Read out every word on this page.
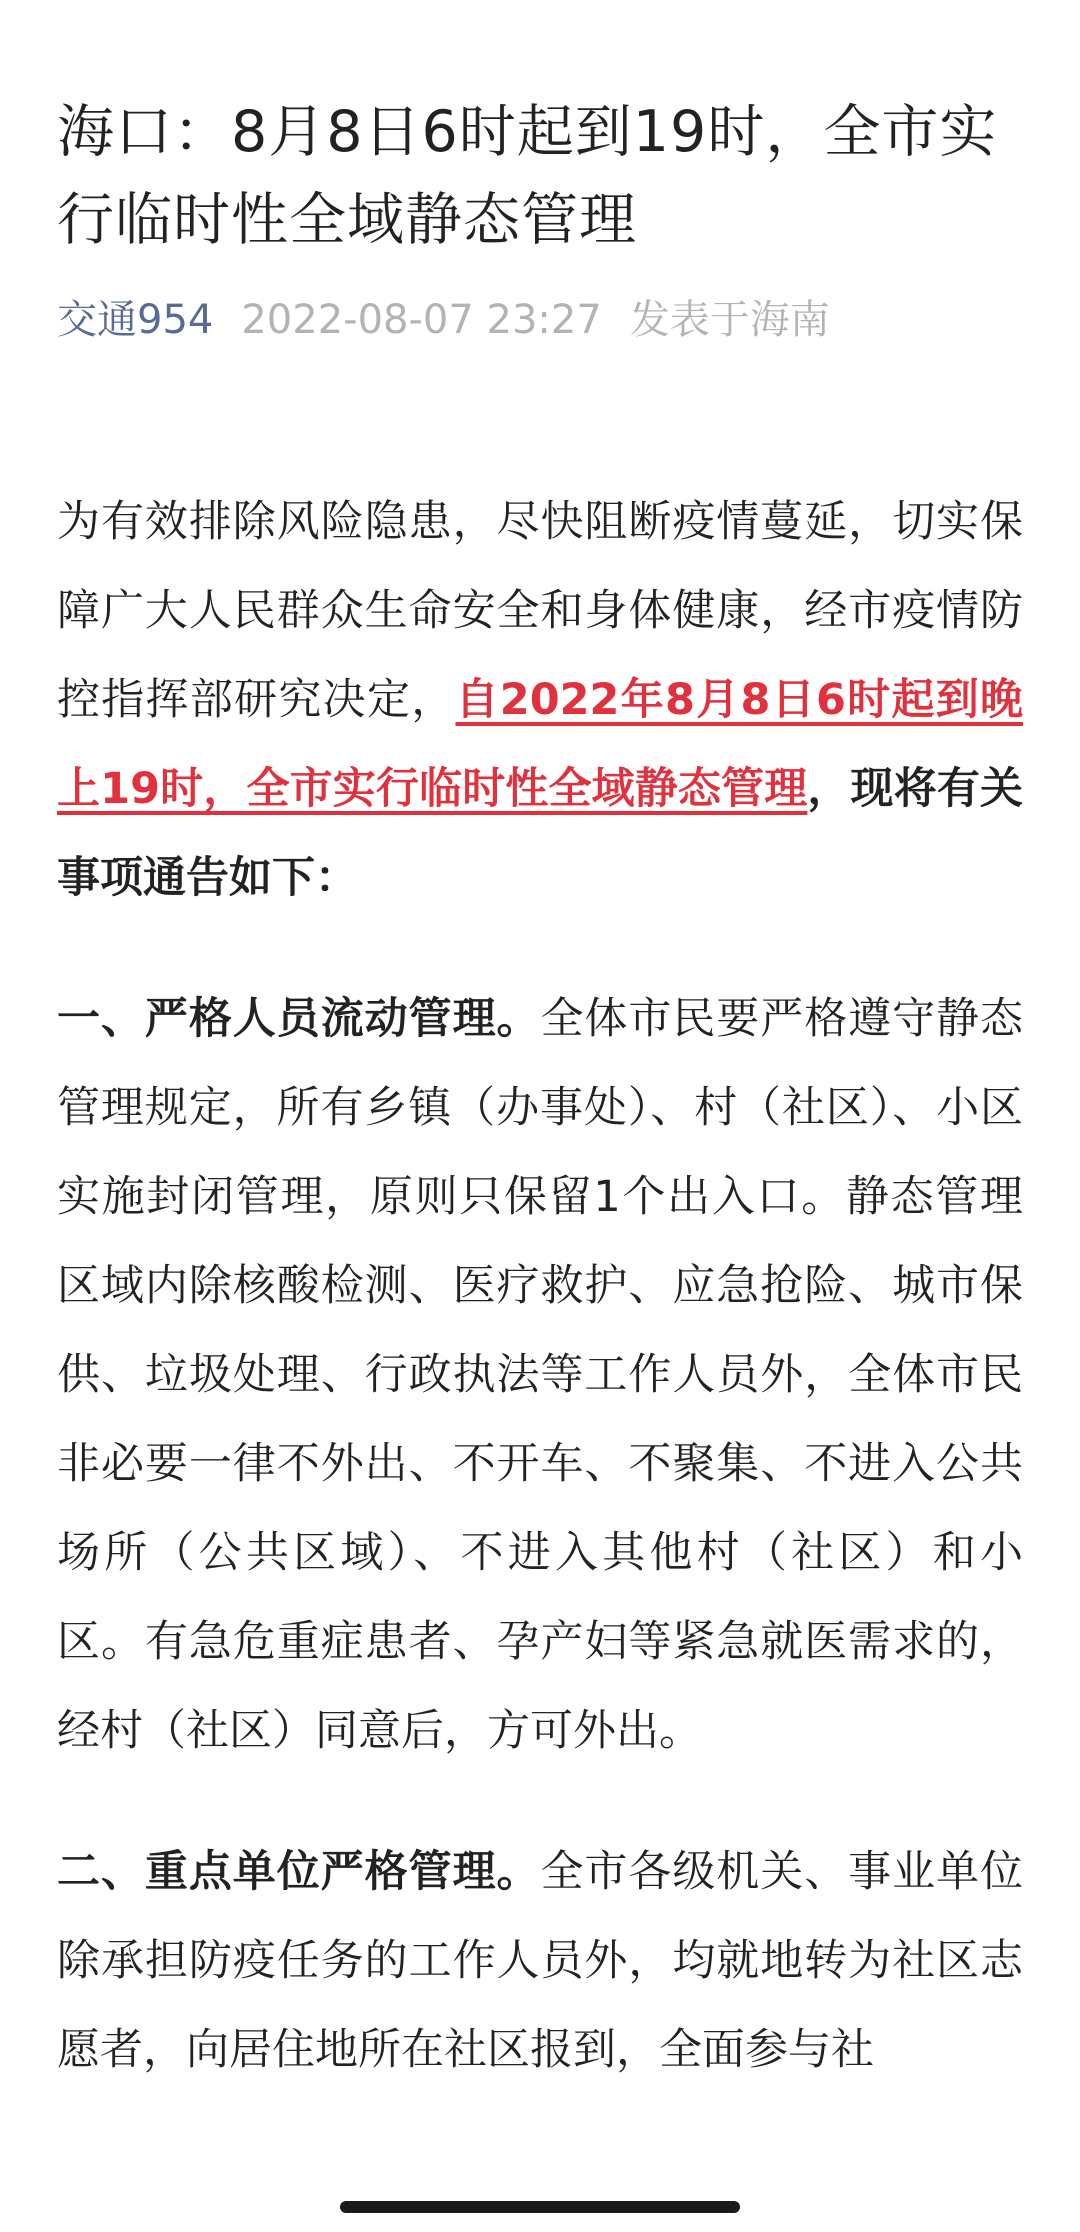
海口：8月8日6时起到19时，全市实行临时性全域静态管理
交通954 2022-08-07 23:27 发表于海南

为有效排除风险隐患，尽快阻断疫情蔓延，切实保障广大人民群众生命安全和身体健康，经市疫情防控指挥部研究决定，自2022年8月8日6时起到晚上19时，全市实行临时性全域静态管理，现将有关事项通告如下：

一、严格人员流动管理。全体市民要严格遵守静态管理规定，所有乡镇（办事处）、村（社区）、小区实施封闭管理，原则只保留1个出入口。静态管理区域内除核酸检测、医疗救护、应急抢险、城市保供、垃圾处理、行政执法等工作人员外，全体市民非必要一律不外出、不开车、不聚集、不进入公共场所（公共区域）、不进入其他村（社区）和小区。有急危重症患者、孕产妇等紧急就医需求的，经村（社区）同意后，方可外出。

二、重点单位严格管理。全市各级机关、事业单位除承担防疫任务的工作人员外，均就地转为社区志愿者，向居住地所在社区报到，全面参与社
